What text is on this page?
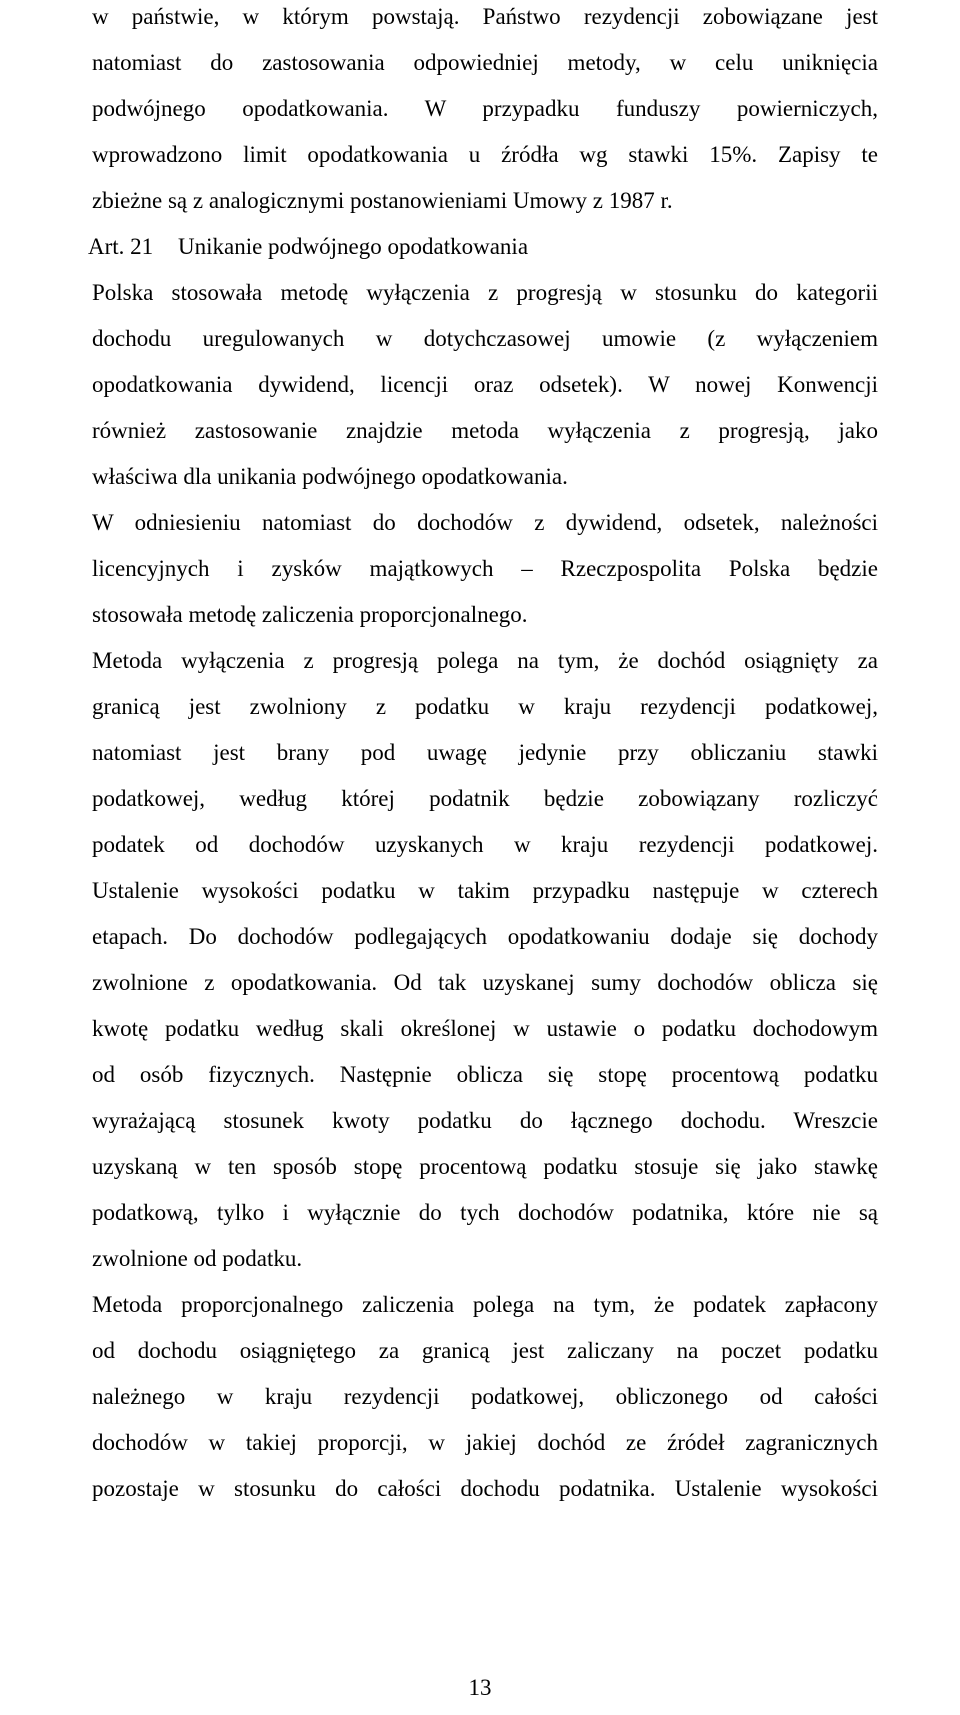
w państwie, w którym powstają. Państwo rezydencji zobowiązane jest
natomiast do zastosowania odpowiedniej metody, w celu uniknięcia
podwójnego opodatkowania. W przypadku funduszy powierniczych,
wprowadzono limit opodatkowania u źródła wg stawki 15%. Zapisy te
zbieżne są z analogicznymi postanowieniami Umowy z 1987 r.
Art. 21 Unikanie podwójnego opodatkowania
Polska stosowała metodę wyłączenia z progresją w stosunku do kategorii
dochodu uregulowanych w dotychczasowej umowie (z wyłączeniem
opodatkowania dywidend, licencji oraz odsetek). W nowej Konwencji
również zastosowanie znajdzie metoda wyłączenia z progresją, jako
właściwa dla unikania podwójnego opodatkowania.
W odniesieniu natomiast do dochodów z dywidend, odsetek, należności
licencyjnych i zysków majątkowych – Rzeczpospolita Polska będzie
stosowała metodę zaliczenia proporcjonalnego.
Metoda wyłączenia z progresją polega na tym, że dochód osiągnięty za
granicą jest zwolniony z podatku w kraju rezydencji podatkowej,
natomiast jest brany pod uwagę jedynie przy obliczaniu stawki
podatkowej, według której podatnik będzie zobowiązany rozliczyć
podatek od dochodów uzyskanych w kraju rezydencji podatkowej.
Ustalenie wysokości podatku w takim przypadku następuje w czterech
etapach. Do dochodów podlegających opodatkowaniu dodaje się dochody
zwolnione z opodatkowania. Od tak uzyskanej sumy dochodów oblicza się
kwotę podatku według skali określonej w ustawie o podatku dochodowym
od osób fizycznych. Następnie oblicza się stopę procentową podatku
wyrażającą stosunek kwoty podatku do łącznego dochodu. Wreszcie
uzyskaną w ten sposób stopę procentową podatku stosuje się jako stawkę
podatkową, tylko i wyłącznie do tych dochodów podatnika, które nie są
zwolnione od podatku.
Metoda proporcjonalnego zaliczenia polega na tym, że podatek zapłacony
od dochodu osiągniętego za granicą jest zaliczany na poczet podatku
należnego w kraju rezydencji podatkowej, obliczonego od całości
dochodów w takiej proporcji, w jakiej dochód ze źródeł zagranicznych
pozostaje w stosunku do całości dochodu podatnika. Ustalenie wysokości
13
